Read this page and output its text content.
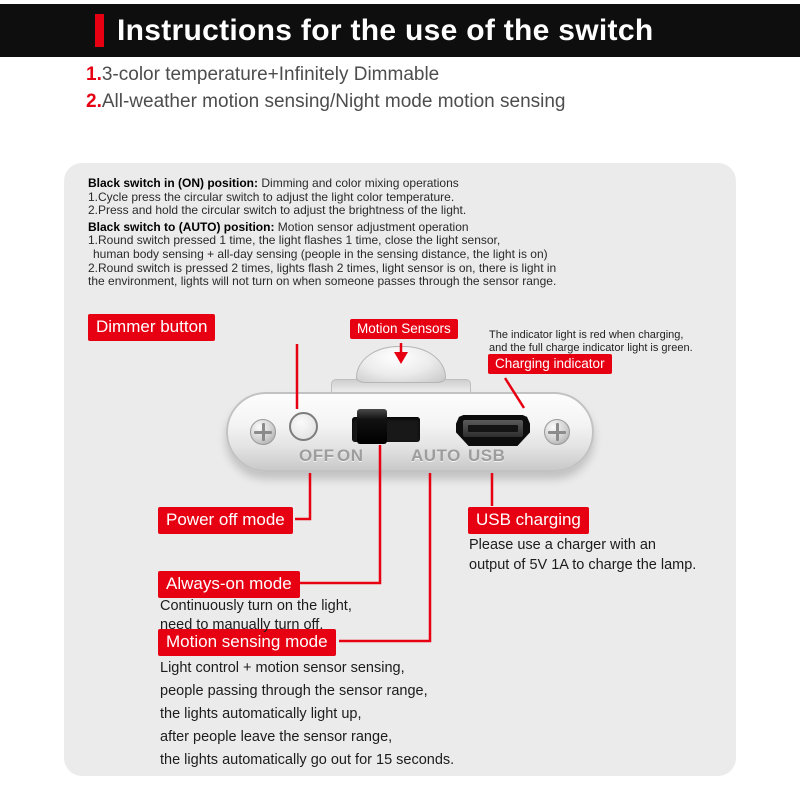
Instructions for the use of the switch
1.3-color temperature+Infinitely Dimmable
2.All-weather motion sensing/Night mode motion sensing
Black switch in (ON) position: Dimming and color mixing operations
1.Cycle press the circular switch to adjust the light color temperature.
2.Press and hold the circular switch to adjust the brightness of the light.
Black switch to (AUTO) position: Motion sensor adjustment operation
1.Round switch pressed 1 time, the light flashes 1 time, close the light sensor,
human body sensing + all-day sensing (people in the sensing distance, the light is on)
2.Round switch is pressed 2 times, lights flash 2 times, light sensor is on, there is light in
the environment, lights will not turn on when someone passes through the sensor range.
OFF ON	AUTO USB
Dimmer button	Motion Sensors
Charging indicator
Power off mode	USB charging
Always-on mode
Motion sensing mode
The indicator light is red when charging,
and the full charge indicator light is green.
Please use a charger with an
output of 5V 1A to charge the lamp.
Continuously turn on the light,
need to manually turn off.
Light control + motion sensor sensing,
people passing through the sensor range,
the lights automatically light up,
after people leave the sensor range,
the lights automatically go out for 15 seconds.
